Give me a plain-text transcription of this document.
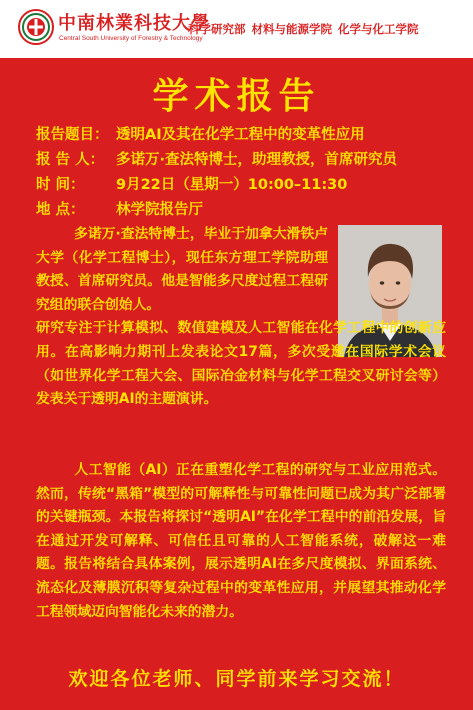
中南林業科技大學
Central South University of Forestry & Technology
科学研究部 材料与能源学院 化学与化工学院
学术报告
报告题目： 透明AI及其在化学工程中的变革性应用
报 告 人： 多诺万·查法特博士，助理教授，首席研究员
时 间： 9月22日（星期一）10:00–11:30
地 点： 林学院报告厅

多诺万·查法特博士，毕业于加拿大滑铁卢大学（化学工程博士），现任东方理工学院助理教授、首席研究员。他是智能多尺度过程工程研究组的联合创始人。
研究专注于计算模拟、数值建模及人工智能在化学工程中的创新应用。在高影响力期刊上发表论文17篇，多次受邀在国际学术会议（如世界化学工程大会、国际冶金材料与化学工程交叉研讨会等）发表关于透明AI的主题演讲。

人工智能（AI）正在重塑化学工程的研究与工业应用范式。然而，传统“黑箱”模型的可解释性与可靠性问题已成为其广泛部署的关键瓶颈。本报告将探讨“透明AI”在化学工程中的前沿发展，旨在通过开发可解释、可信任且可靠的人工智能系统，破解这一难题。报告将结合具体案例，展示透明AI在多尺度模拟、界面系统、流态化及薄膜沉积等复杂过程中的变革性应用，并展望其推动化学工程领域迈向智能化未来的潜力。

欢迎各位老师、同学前来学习交流！
